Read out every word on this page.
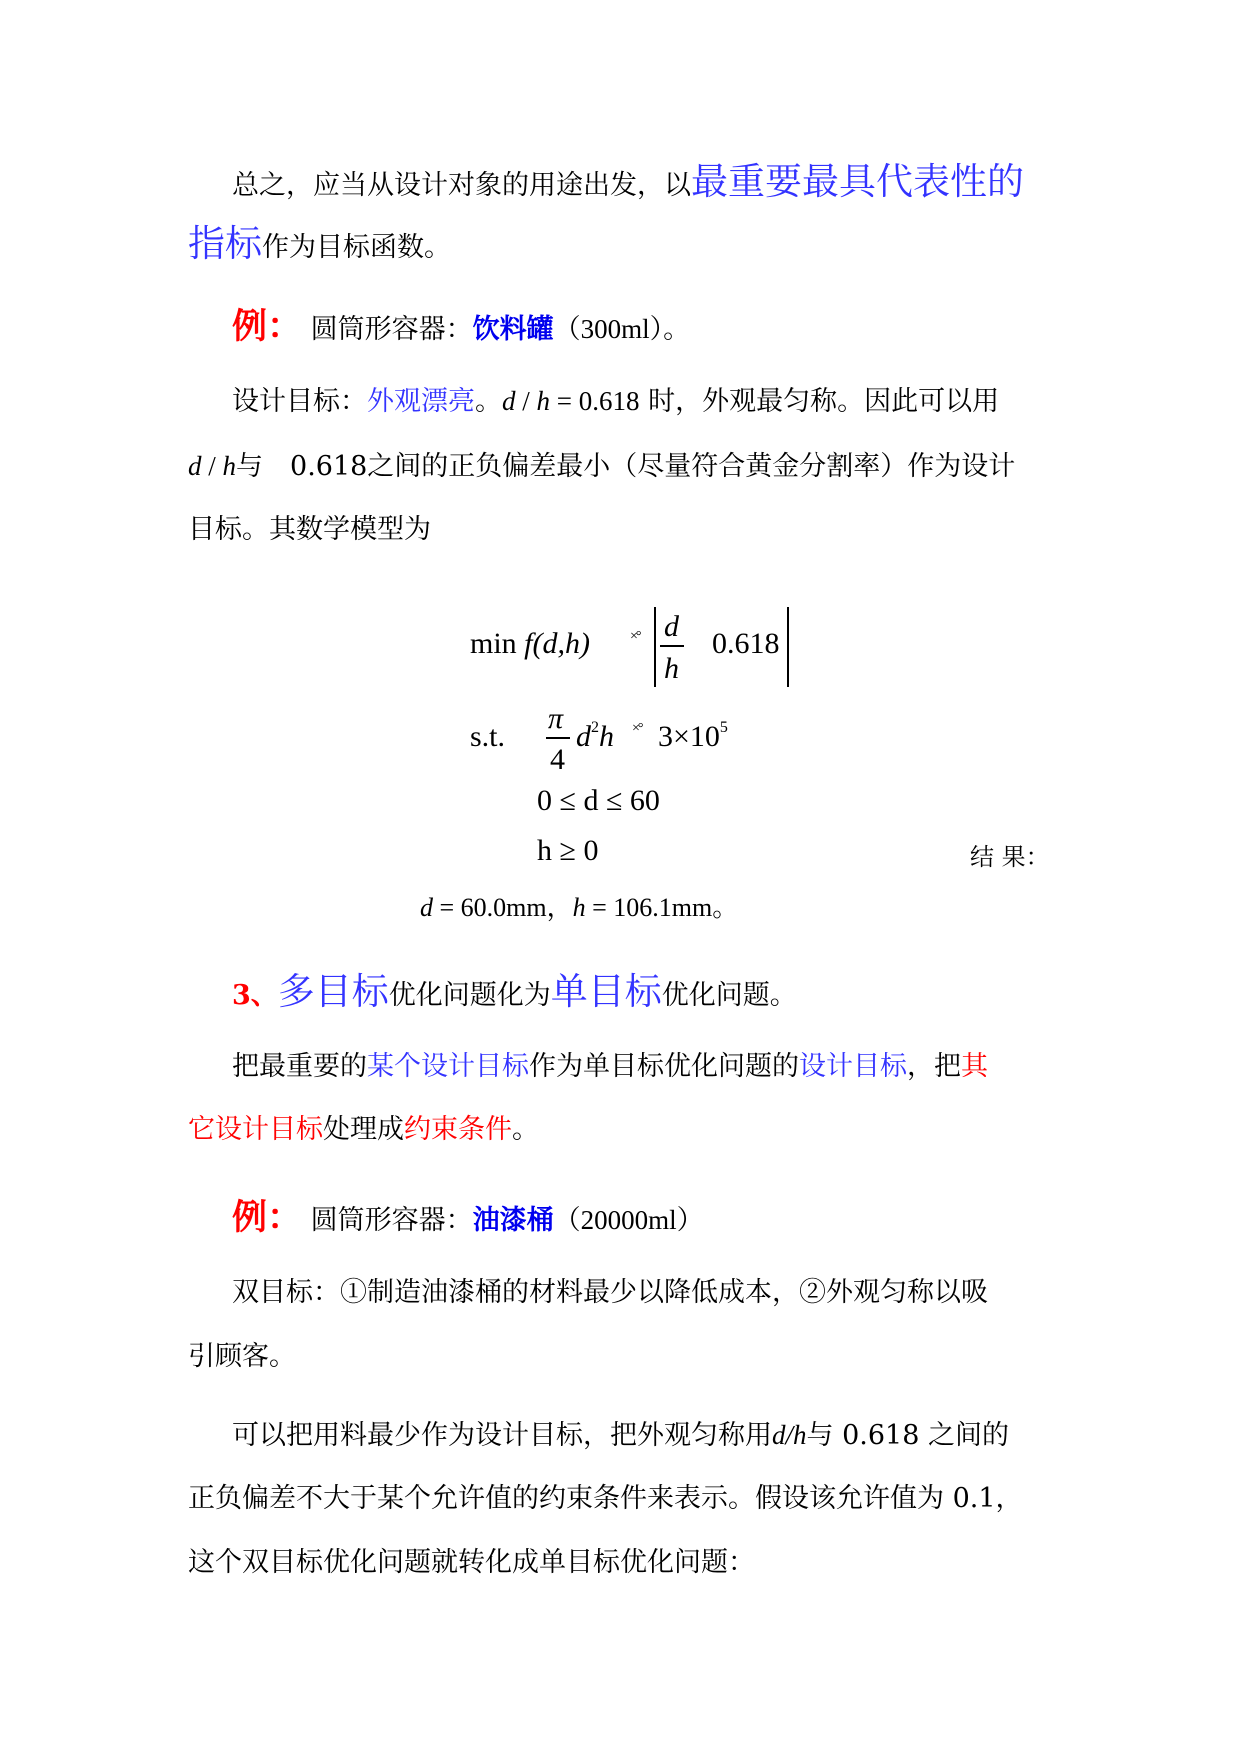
总之，应当从设计对象的用途出发，以最重要最具代表性的
指标作为目标函数。
例： 圆筒形容器：饮料罐（300ml）。
设计目标：外观漂亮。d / h = 0.618 时，外观最匀称。因此可以用
d / h与　0.618之间的正负偏差最小（尽量符合黄金分割率）作为设计
目标。其数学模型为
min f(d,h)	×° d
h
0.618
s.t.
π
4
$d^2h$ ×° $3\times 10^5$
0 ≤ d ≤ 60
h ≥ 0	结 果：
d = 60.0mm，h = 106.1mm。
3、多目标优化问题化为单目标优化问题。
把最重要的某个设计目标作为单目标优化问题的设计目标，把其
它设计目标处理成约束条件。
例： 圆筒形容器：油漆桶（20000ml）
双目标：①制造油漆桶的材料最少以降低成本，②外观匀称以吸
引顾客。
可以把用料最少作为设计目标，把外观匀称用d/h与 0.618 之间的
正负偏差不大于某个允许值的约束条件来表示。假设该允许值为 0.1，
这个双目标优化问题就转化成单目标优化问题：
